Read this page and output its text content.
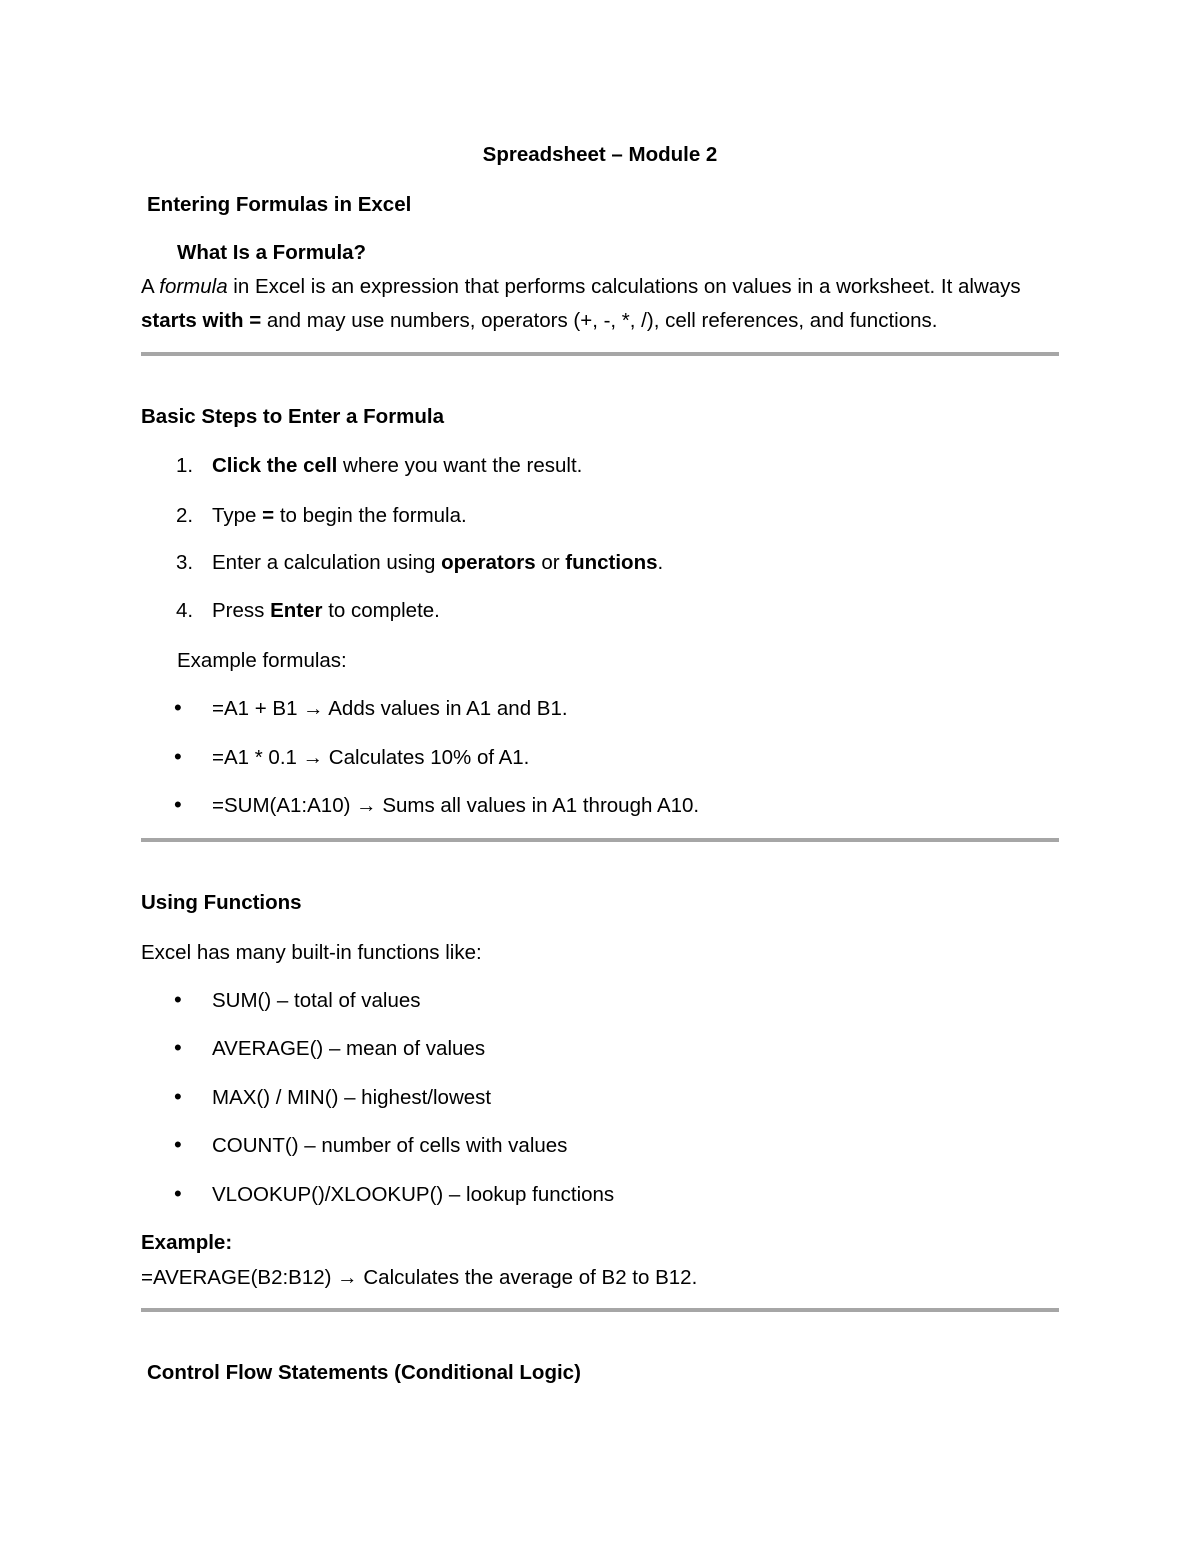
Spreadsheet – Module 2
Entering Formulas in Excel
What Is a Formula?
A formula in Excel is an expression that performs calculations on values in a worksheet. It always
starts with = and may use numbers, operators (+, -, *, /), cell references, and functions.
Basic Steps to Enter a Formula
1. Click the cell where you want the result.
2. Type = to begin the formula.
3. Enter a calculation using operators or functions.
4. Press Enter to complete.
Example formulas:
• =A1 + B1 → Adds values in A1 and B1.
• =A1 * 0.1 → Calculates 10% of A1.
• =SUM(A1:A10) → Sums all values in A1 through A10.
Using Functions
Excel has many built-in functions like:
• SUM() – total of values
• AVERAGE() – mean of values
• MAX() / MIN() – highest/lowest
• COUNT() – number of cells with values
• VLOOKUP()/XLOOKUP() – lookup functions
Example:
=AVERAGE(B2:B12) → Calculates the average of B2 to B12.
Control Flow Statements (Conditional Logic)
